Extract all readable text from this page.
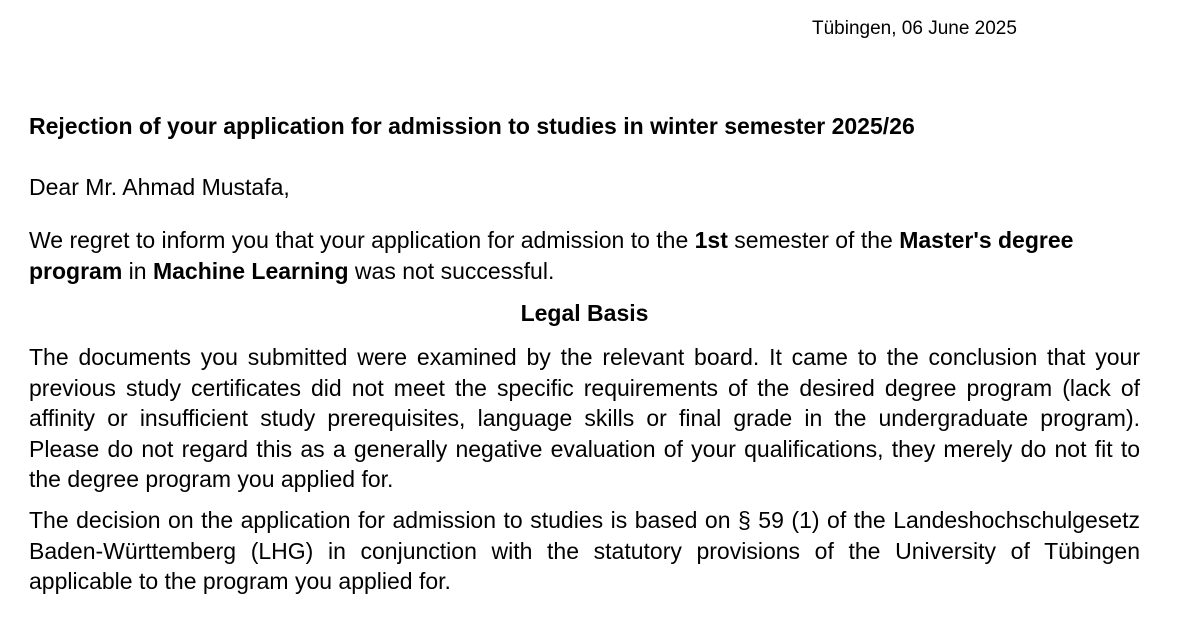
Tübingen, 06 June 2025
Rejection of your application for admission to studies in winter semester 2025/26
Dear Mr. Ahmad Mustafa,
We regret to inform you that your application for admission to the 1st semester of the Master's degree program in Machine Learning was not successful.
Legal Basis
The documents you submitted were examined by the relevant board. It came to the conclusion that your previous study certificates did not meet the specific requirements of the desired degree program (lack of affinity or insufficient study prerequisites, language skills or final grade in the undergraduate program). Please do not regard this as a generally negative evaluation of your qualifications, they merely do not fit to the degree program you applied for.
The decision on the application for admission to studies is based on § 59 (1) of the Landeshochschulgesetz Baden-Württemberg (LHG) in conjunction with the statutory provisions of the University of Tübingen applicable to the program you applied for.
